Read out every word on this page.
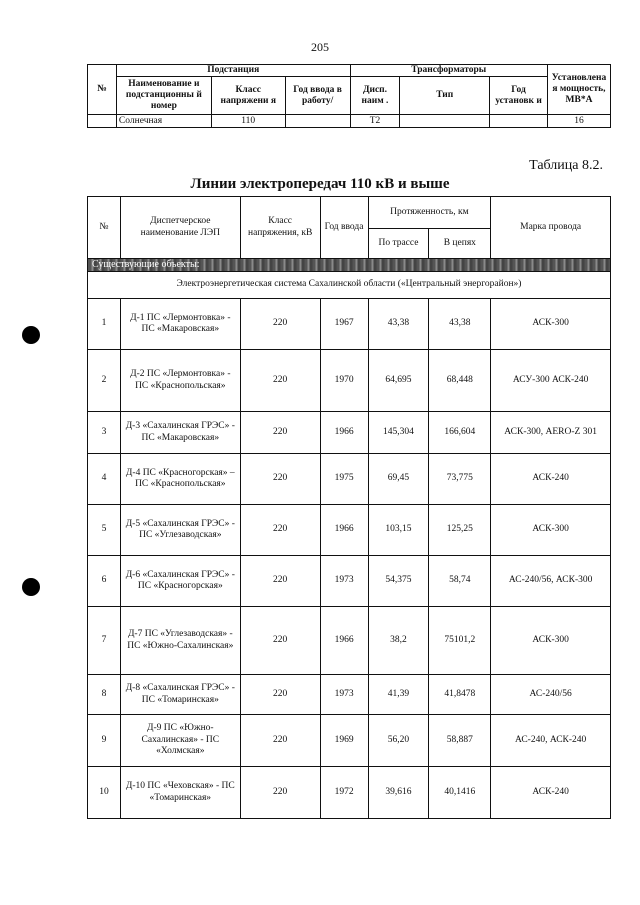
205
№	Подстанция			Трансформаторы			Установлена я мощность, МВ*А
	Наименование и подстанционны й номер	Класс напряжени я	Год ввода в работу/	Дисп. наим .	Тип	Год установк и	
	Солнечная	110		Т2			16
Таблица 8.2.
Линии электропередач 110 кВ и выше
№	Диспетчерское наименование ЛЭП	Класс напряжения, кВ	Год ввода	Протяженность, км		Марка провода
				По трассе	В цепях	
Существующие объекты:						
Электроэнергетическая система Сахалинской области («Центральный энергорайон»)						
1	Д-1 ПС «Лермонтовка» - ПС «Макаровская»	220	1967	43,38	43,38	АСК-300
2	Д-2 ПС «Лермонтовка» - ПС «Краснопольская»	220	1970	64,695	68,448	АСУ-300 АСК-240
3	Д-3 «Сахалинская ГРЭС» - ПС «Макаровская»	220	1966	145,304	166,604	АСК-300, AERO-Z 301
4	Д-4 ПС «Красногорская» – ПС «Краснопольская»	220	1975	69,45	73,775	АСК-240
5	Д-5 «Сахалинская ГРЭС» - ПС «Углезаводская»	220	1966	103,15	125,25	АСК-300
6	Д-6 «Сахалинская ГРЭС» - ПС «Красногорская»	220	1973	54,375	58,74	АС-240/56, АСК-300
7	Д-7 ПС «Углезаводская» - ПС «Южно-Сахалинская»	220	1966	38,2	75101,2	АСК-300
8	Д-8 «Сахалинская ГРЭС» - ПС «Томаринская»	220	1973	41,39	41,8478	АС-240/56
9	Д-9 ПС «Южно-Сахалинская» - ПС «Холмская»	220	1969	56,20	58,887	АС-240, АСК-240
10	Д-10 ПС «Чеховская» - ПС «Томаринская»	220	1972	39,616	40,1416	АСК-240
